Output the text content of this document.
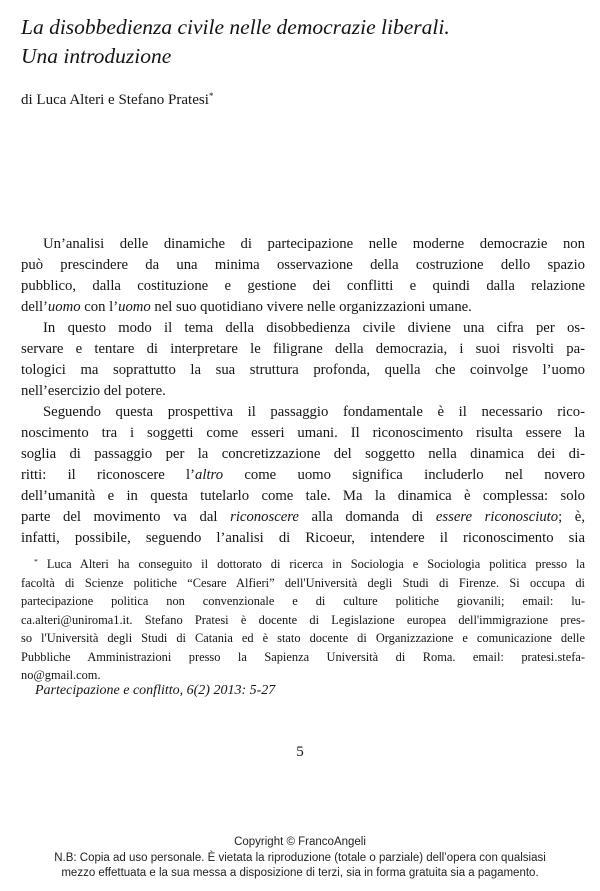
La disobbedienza civile nelle democrazie liberali.
Una introduzione
di Luca Alteri e Stefano Pratesi*
Un’analisi delle dinamiche di partecipazione nelle moderne democrazie non
può prescindere da una minima osservazione della costruzione dello spazio
pubblico, dalla costituzione e gestione dei conflitti e quindi dalla relazione
dell’uomo con l’uomo nel suo quotidiano vivere nelle organizzazioni umane.
In questo modo il tema della disobbedienza civile diviene una cifra per os-
servare e tentare di interpretare le filigrane della democrazia, i suoi risvolti pa-
tologici ma soprattutto la sua struttura profonda, quella che coinvolge l’uomo
nell’esercizio del potere.
Seguendo questa prospettiva il passaggio fondamentale è il necessario rico-
noscimento tra i soggetti come esseri umani. Il riconoscimento risulta essere la
soglia di passaggio per la concretizzazione del soggetto nella dinamica dei di-
ritti: il riconoscere l’altro come uomo significa includerlo nel novero
dell’umanità e in questa tutelarlo come tale. Ma la dinamica è complessa: solo
parte del movimento va dal riconoscere alla domanda di essere riconosciuto; è,
infatti, possibile, seguendo l’analisi di Ricoeur, intendere il riconoscimento sia
* Luca Alteri ha conseguito il dottorato di ricerca in Sociologia e Sociologia politica presso la
facoltà di Scienze politiche “Cesare Alfieri” dell'Università degli Studi di Firenze. Si occupa di
partecipazione politica non convenzionale e di culture politiche giovanili; email: lu-
ca.alteri@uniroma1.it. Stefano Pratesi è docente di Legislazione europea dell'immigrazione pres-
so l'Università degli Studi di Catania ed è stato docente di Organizzazione e comunicazione delle
Pubbliche Amministrazioni presso la Sapienza Università di Roma. email: pratesi.stefa-
no@gmail.com.
Partecipazione e conflitto, 6(2) 2013: 5-27
5
Copyright © FrancoAngeli
N.B: Copia ad uso personale. È vietata la riproduzione (totale o parziale) dell’opera con qualsiasi
mezzo effettuata e la sua messa a disposizione di terzi, sia in forma gratuita sia a pagamento.
